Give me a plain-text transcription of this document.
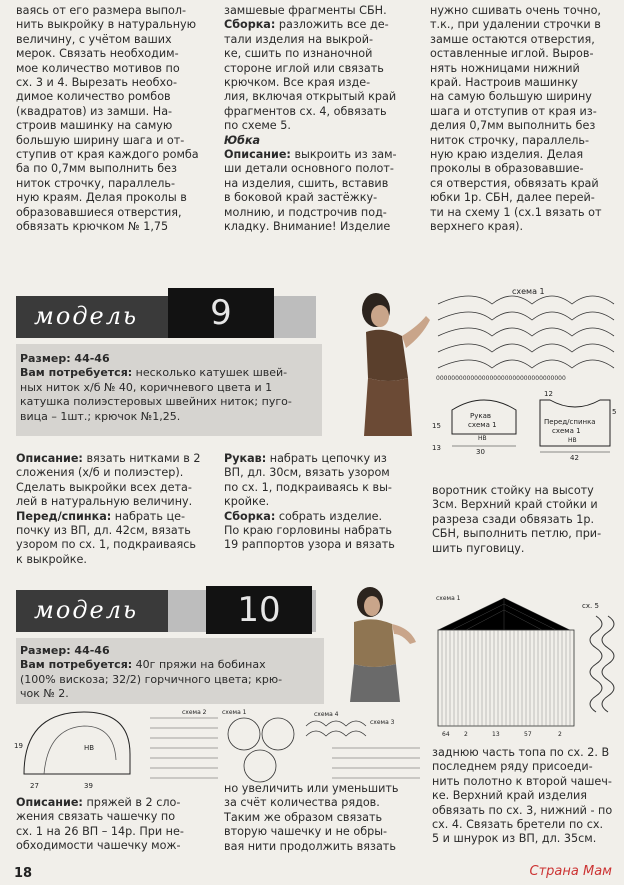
ваясь от его размера выпол-

нить выкройку в натуральную

величину, с учётом ваших

мерок. Связать необходим-

мое количество мотивов по

сх. 3 и 4. Вырезать необхо-

димое количество ромбов

(квадратов) из замши. На-

строив машинку на самую

большую ширину шага и от-

ступив от края каждого ромба

ба по 0,7мм выполнить без

ниток строчку, параллель-

ную краям. Делая проколы в

образовавшиеся отверстия,

обвязать крючком № 1,75

замшевые фрагменты СБН.

Сборка: разложить все де-

тали изделия на выкрой-

ке, сшить по изнаночной

стороне иглой или связать

крючком. Все края изде-

лия, включая открытый край

фрагментов сх. 4, обвязать

по схеме 5.

Юбка

Описание: выкроить из зам-

ши детали основного полот-

на изделия, сшить, вставив

в боковой край застёжку-

молнию, и подстрочив под-

кладку. Внимание! Изделие

нужно сшивать очень точно,

т.к., при удалении строчки в

замше остаются отверстия,

оставленные иглой. Выров-

нять ножницами нижний

край. Настроив машинку

на самую большую ширину

шага и отступив от края из-

делия 0,7мм выполнить без

ниток строчку, параллель-

ную краю изделия. Делая

проколы в образовавшие-

ся отверстия, обвязать край

юбки 1р. СБН, далее перей-

ти на схему 1 (сх.1 вязать от

верхнего края).

модель	9

Размер: 44-46

Вам потребуется: несколько катушек швей-

ных ниток х/б № 40, коричневого цвета и 1

катушка полиэстеровых швейних ниток; пуго-

вица – 1шт.; крючок №1,25.

Описание: вязать нитками в 2

сложения (х/б и полиэстер).

Сделать выкройки всех дета-

лей в натуральную величину.

Перед/спинка: набрать це-

почку из ВП, дл. 42см, вязать

узором по сх. 1, подкраиваясь

к выкройке.

Рукав: набрать цепочку из

ВП, дл. 30см, вязать узором

по сх. 1, подкраиваясь к вы-

кройке.

Сборка: собрать изделие.

По краю горловины набрать

19 раппортов узора и вязать

воротник стойку на высоту

3см. Верхний край стойки и

разреза сзади обвязать 1р.

СБН, выполнить петлю, при-

шить пуговицу.

схема 1
0000000000000000000000000000000000
Рукав
схема 1
НВ
30
15
13
Перед/спинка
схема 1
НВ
42
12
5
модель	10

Размер: 44-46

Вам потребуется: 40г пряжи на бобинах

(100% вискоза; 32/2) горчичного цвета; крю-

чок № 2.

НВ
19
27	39
схема 2	схема 1	схема 4
схема 3
схема 1
сх. 5
64 2	13	57	2

Описание: пряжей в 2 сло-

жения связать чашечку по

сх. 1 на 26 ВП – 14р. При не-

обходимости чашечку мож-

но увеличить или уменьшить

за счёт количества рядов.

Таким же образом связать

вторую чашечку и не обры-

вая нити продолжить вязать

заднюю часть топа по сх. 2. В

последнем ряду присоеди-

нить полотно к второй чашеч-

ке. Верхний край изделия

обвязать по сх. 3, нижний - по

сх. 4. Связать бретели по сх.

5 и шнурок из ВП, дл. 35см.

18	Страна Мам
